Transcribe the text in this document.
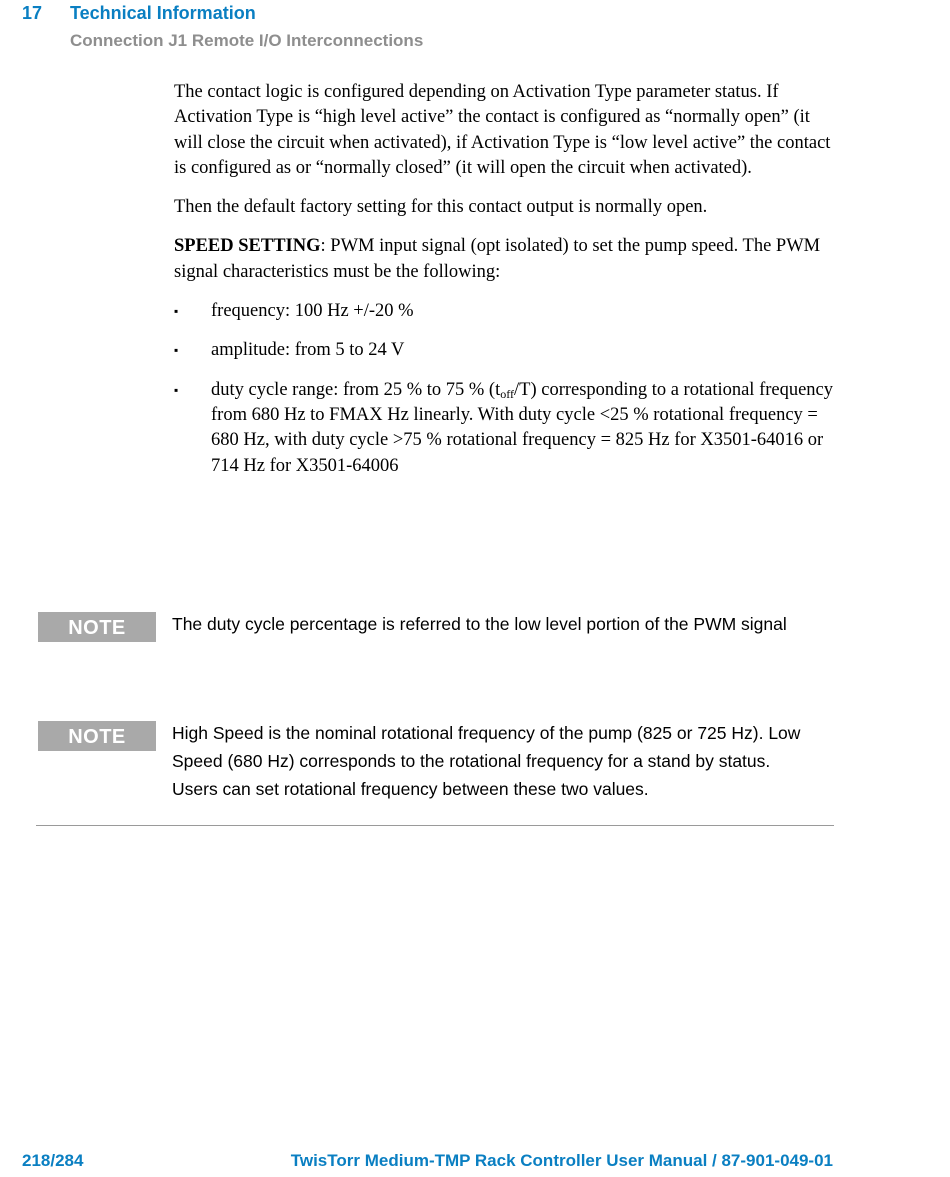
17	Technical Information
Connection J1 Remote I/O Interconnections

The contact logic is configured depending on Activation Type parameter status. If Activation Type is “high level active” the contact is configured as “normally open” (it will close the circuit when activated), if Activation Type is “low level active” the contact is configured as or “normally closed” (it will open the circuit when activated).

Then the default factory setting for this contact output is normally open.

SPEED SETTING: PWM input signal (opt isolated) to set the pump speed. The PWM signal characteristics must be the following:

▪	frequency: 100 Hz +/-20 %
▪	amplitude: from 5 to 24 V
▪	duty cycle range: from 25 % to 75 % $(t_{off}/T)$ corresponding to a rotational frequency from 680 Hz to FMAX Hz linearly. With duty cycle <25 % rotational frequency = 680 Hz, with duty cycle >75 % rotational frequency = 825 Hz for X3501-64016 or 714 Hz for X3501-64006
NOTE	The duty cycle percentage is referred to the low level portion of the PWM signal
NOTE	High Speed is the nominal rotational frequency of the pump (825 or 725 Hz). Low Speed (680 Hz) corresponds to the rotational frequency for a stand by status. Users can set rotational frequency between these two values.
218/284	TwisTorr Medium-TMP Rack Controller User Manual / 87-901-049-01
